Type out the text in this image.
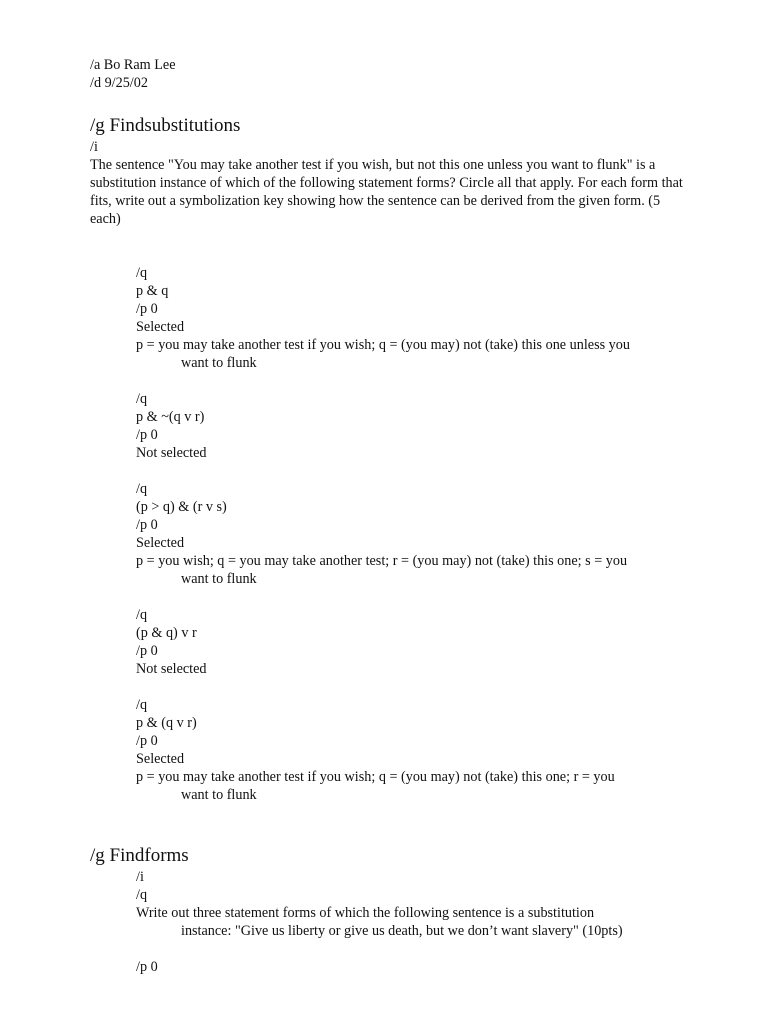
/a Bo Ram Lee
/d 9/25/02
/g Findsubstitutions
/i
The sentence "You may take another test if you wish, but not this one unless you want to flunk" is a substitution instance of which of the following statement forms? Circle all that apply. For each form that fits, write out a symbolization key showing how the sentence can be derived from the given form. (5 each)
/q
p & q
/p 0
Selected
p = you may take another test if you wish; q = (you may) not (take) this one unless you
want to flunk
/q
p & ~(q v r)
/p 0
Not selected
/q
(p > q) & (r v s)
/p 0
Selected
p = you wish; q = you may take another test; r = (you may) not (take) this one; s = you
want to flunk
/q
(p & q) v r
/p 0
Not selected
/q
p & (q v r)
/p 0
Selected
p = you may take another test if you wish; q = (you may) not (take) this one; r = you
want to flunk
/g Findforms
/i
/q
Write out three statement forms of which the following sentence is a substitution
instance: "Give us liberty or give us death, but we don’t want slavery" (10pts)
/p 0
